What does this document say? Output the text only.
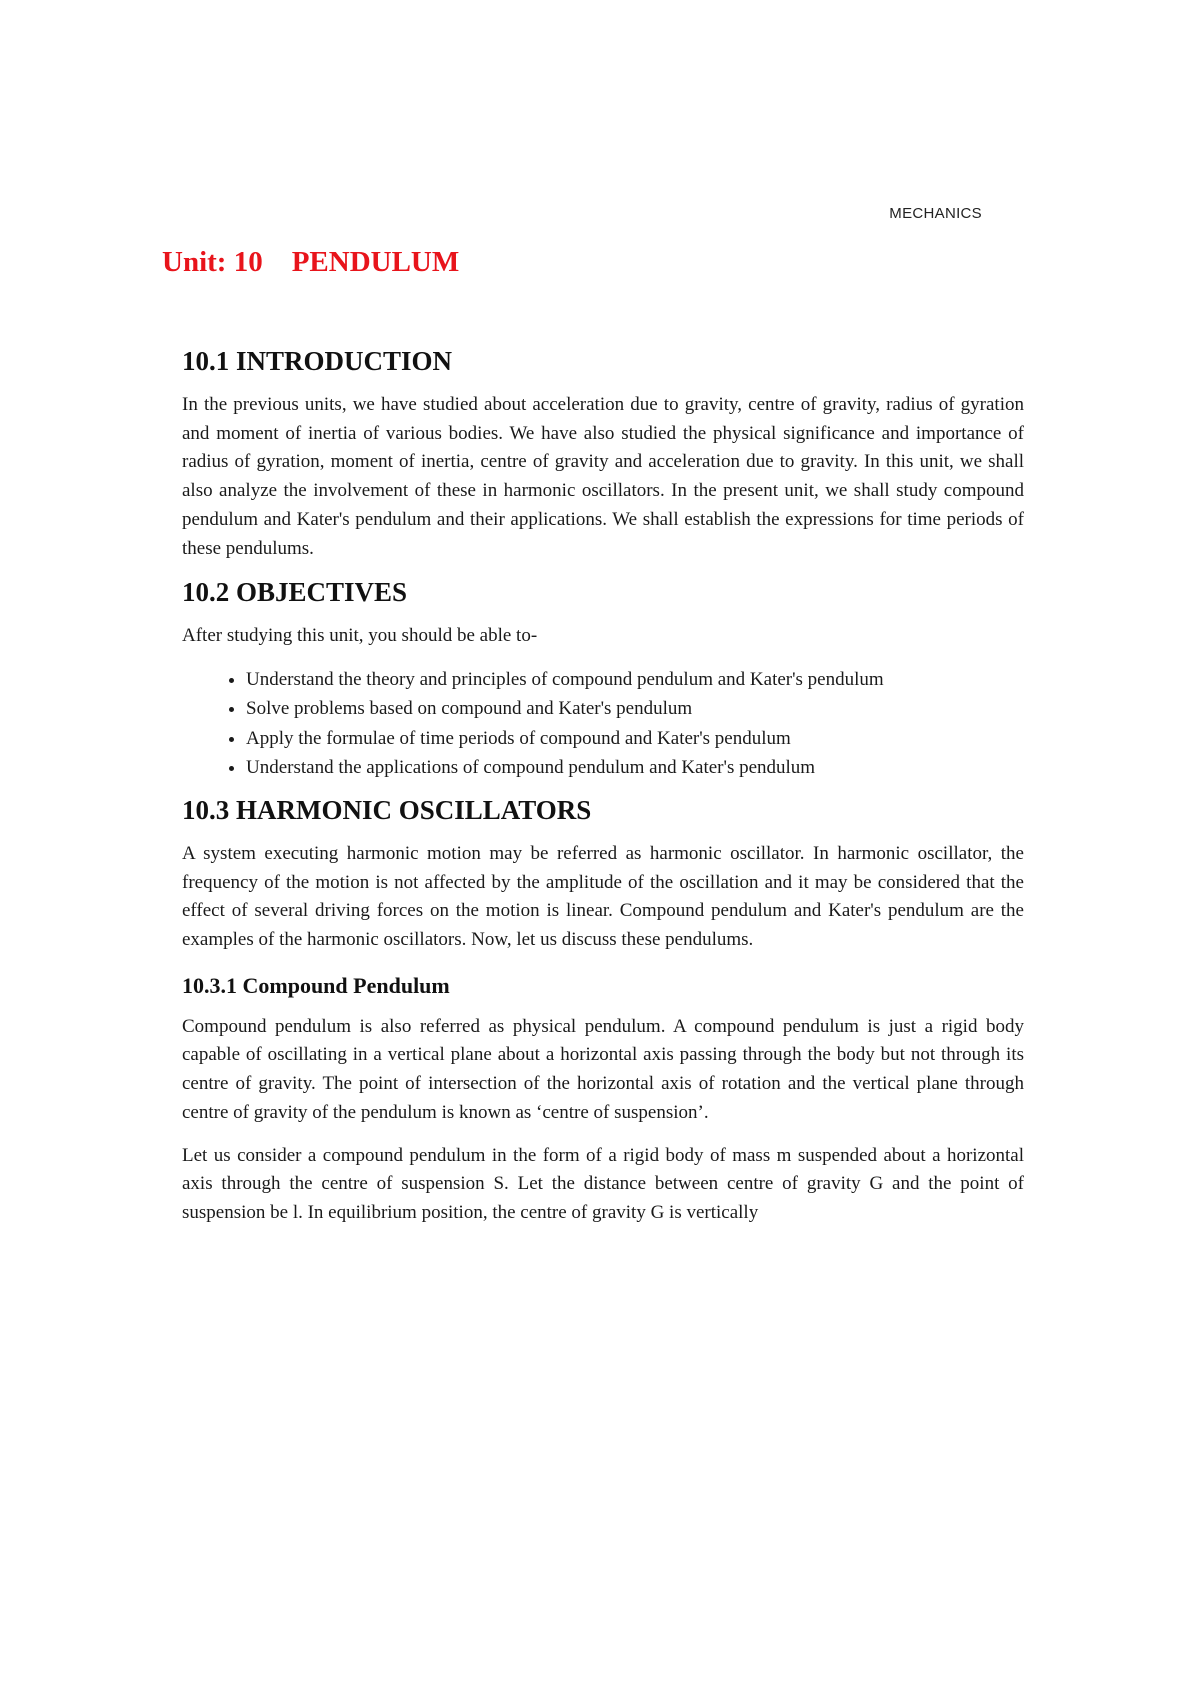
MECHANICS
Unit: 10    PENDULUM
10.1 INTRODUCTION

In the previous units, we have studied about acceleration due to gravity, centre of gravity, radius of gyration and moment of inertia of various bodies. We have also studied the physical significance and importance of radius of gyration, moment of inertia, centre of gravity and acceleration due to gravity. In this unit, we shall also analyze the involvement of these in harmonic oscillators. In the present unit, we shall study compound pendulum and Kater's pendulum and their applications. We shall establish the expressions for time periods of these pendulums.

10.2 OBJECTIVES

After studying this unit, you should be able to-

• Understand the theory and principles of compound pendulum and Kater's pendulum
• Solve problems based on compound and Kater's pendulum
• Apply the formulae of time periods of compound and Kater's pendulum
• Understand the applications of compound pendulum and Kater's pendulum
10.3 HARMONIC OSCILLATORS

A system executing harmonic motion may be referred as harmonic oscillator. In harmonic oscillator, the frequency of the motion is not affected by the amplitude of the oscillation and it may be considered that the effect of several driving forces on the motion is linear. Compound pendulum and Kater's pendulum are the examples of the harmonic oscillators. Now, let us discuss these pendulums.

10.3.1 Compound Pendulum

Compound pendulum is also referred as physical pendulum. A compound pendulum is just a rigid body capable of oscillating in a vertical plane about a horizontal axis passing through the body but not through its centre of gravity. The point of intersection of the horizontal axis of rotation and the vertical plane through centre of gravity of the pendulum is known as ‘centre of suspension’.

Let us consider a compound pendulum in the form of a rigid body of mass m suspended about a horizontal axis through the centre of suspension S. Let the distance between centre of gravity G and the point of suspension be l. In equilibrium position, the centre of gravity G is vertically
